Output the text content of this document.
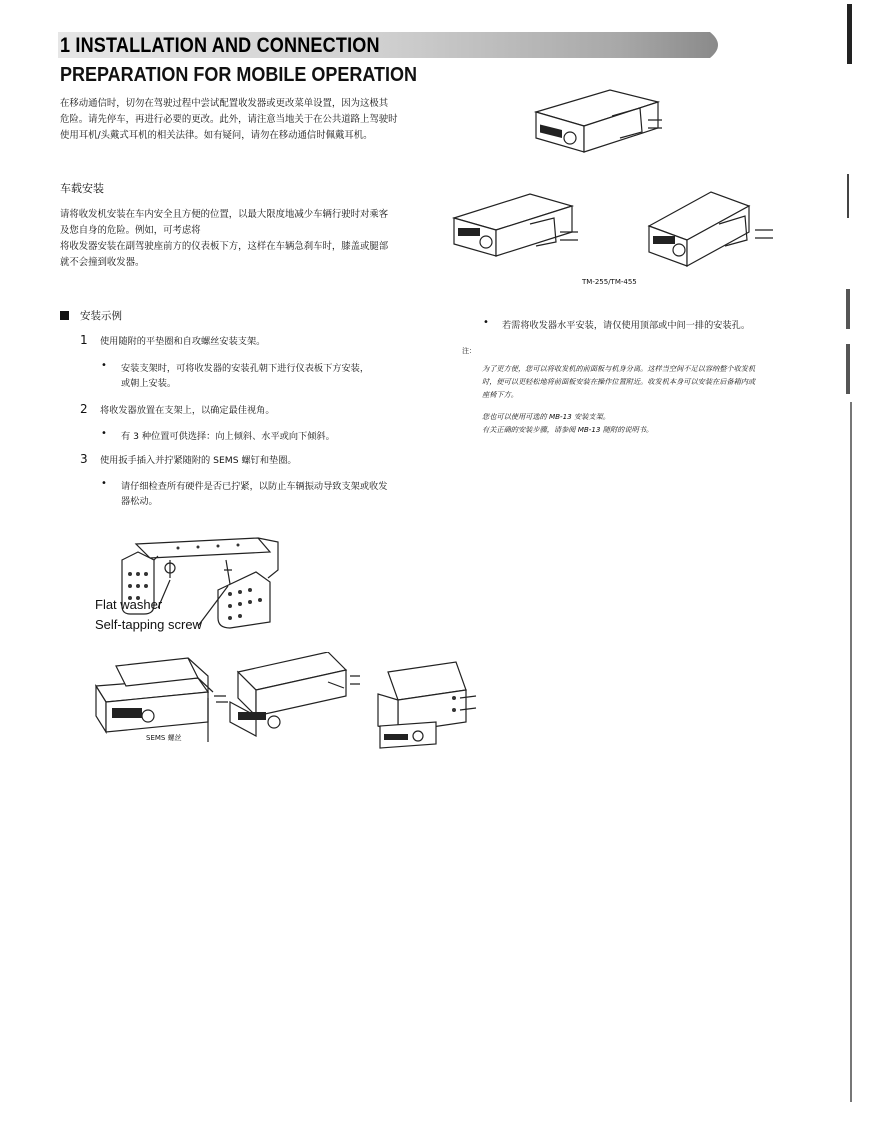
1 INSTALLATION AND CONNECTION
PREPARATION FOR MOBILE OPERATION
在移动通信时，切勿在驾驶过程中尝试配置收发器或更改菜单设置，因为这极其
危险。请先停车，再进行必要的更改。此外，请注意当地关于在公共道路上驾驶时
使用耳机/头戴式耳机的相关法律。如有疑问，请勿在移动通信时佩戴耳机。
车载安装
请将收发机安装在车内安全且方便的位置，以最大限度地减少车辆行驶时对乘客
及您自身的危险。例如，可考虑将
将收发器安装在副驾驶座前方的仪表板下方，这样在车辆急刹车时，膝盖或腿部
就不会撞到收发器。
安装示例
1 使用随附的平垫圈和自攻螺丝安装支架。
• 安装支架时，可将收发器的安装孔朝下进行仪表板下方安装，
或朝上安装。
2 将收发器放置在支架上，以确定最佳视角。
• 有 3 种位置可供选择：向上倾斜、水平或向下倾斜。
3 使用扳手插入并拧紧随附的 SEMS 螺钉和垫圈。
• 请仔细检查所有硬件是否已拧紧，以防止车辆振动导致支架或收发
器松动。
Flat washer
Self-tapping screw
SEMS 螺丝
TM-255/TM-455
• 若需将收发器水平安装，请仅使用顶部或中间一排的安装孔。
注：
为了更方便，您可以将收发机的前面板与机身分离。这样当空间不足以容纳整个收发机
时，便可以更轻松地将前面板安装在操作位置附近。收发机本身可以安装在后备箱内或
座椅下方。
您也可以使用可选的 MB-13 安装支架。
有关正确的安装步骤，请参阅 MB-13 随附的说明书。
